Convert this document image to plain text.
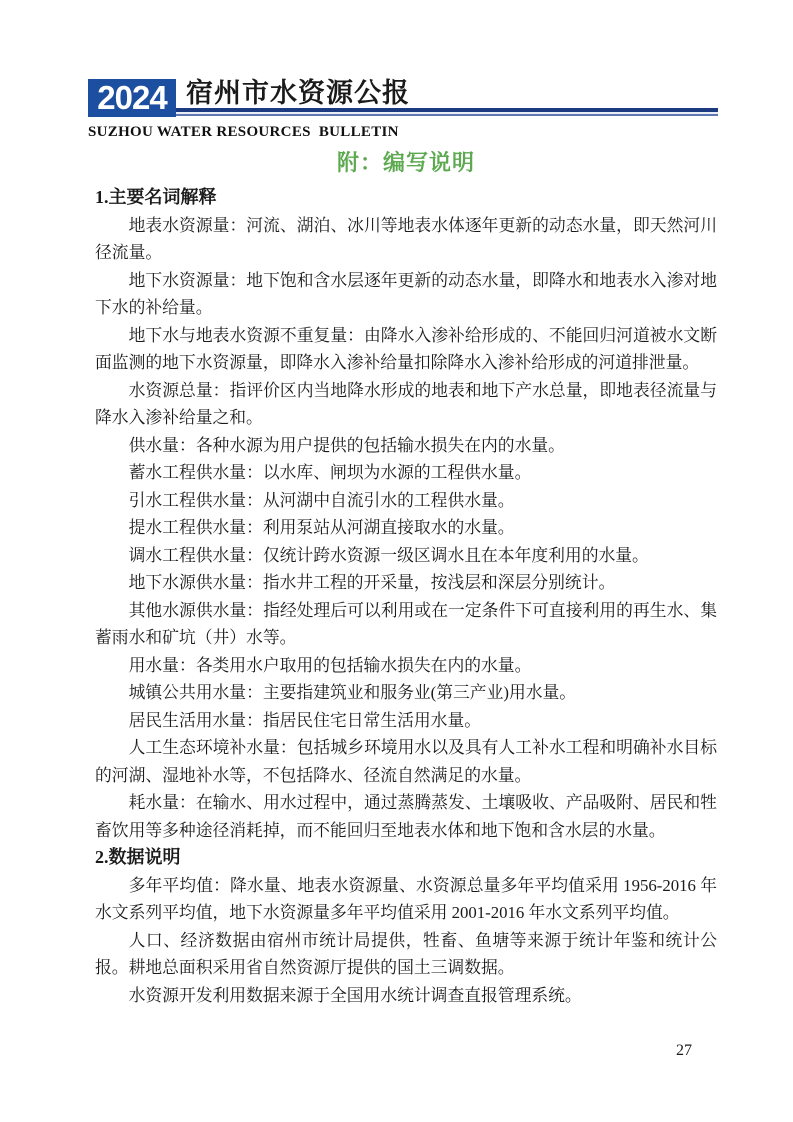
2024 宿州市水资源公报
SUZHOU WATER RESOURCES  BULLETIN
附：编写说明
1.主要名词解释

地表水资源量：河流、湖泊、冰川等地表水体逐年更新的动态水量，即天然河川径流量。

地下水资源量：地下饱和含水层逐年更新的动态水量，即降水和地表水入渗对地下水的补给量。

地下水与地表水资源不重复量：由降水入渗补给形成的、不能回归河道被水文断面监测的地下水资源量，即降水入渗补给量扣除降水入渗补给形成的河道排泄量。

水资源总量：指评价区内当地降水形成的地表和地下产水总量，即地表径流量与降水入渗补给量之和。

供水量：各种水源为用户提供的包括输水损失在内的水量。

蓄水工程供水量：以水库、闸坝为水源的工程供水量。

引水工程供水量：从河湖中自流引水的工程供水量。

提水工程供水量：利用泵站从河湖直接取水的水量。

调水工程供水量：仅统计跨水资源一级区调水且在本年度利用的水量。

地下水源供水量：指水井工程的开采量，按浅层和深层分别统计。

其他水源供水量：指经处理后可以利用或在一定条件下可直接利用的再生水、集蓄雨水和矿坑（井）水等。

用水量：各类用水户取用的包括输水损失在内的水量。

城镇公共用水量：主要指建筑业和服务业(第三产业)用水量。

居民生活用水量：指居民住宅日常生活用水量。

人工生态环境补水量：包括城乡环境用水以及具有人工补水工程和明确补水目标的河湖、湿地补水等，不包括降水、径流自然满足的水量。

耗水量：在输水、用水过程中，通过蒸腾蒸发、土壤吸收、产品吸附、居民和牲畜饮用等多种途径消耗掉，而不能回归至地表水体和地下饱和含水层的水量。

2.数据说明

多年平均值：降水量、地表水资源量、水资源总量多年平均值采用 1956-2016 年水文系列平均值，地下水资源量多年平均值采用 2001-2016 年水文系列平均值。

人口、经济数据由宿州市统计局提供，牲畜、鱼塘等来源于统计年鉴和统计公报。耕地总面积采用省自然资源厅提供的国土三调数据。

水资源开发利用数据来源于全国用水统计调查直报管理系统。

27
